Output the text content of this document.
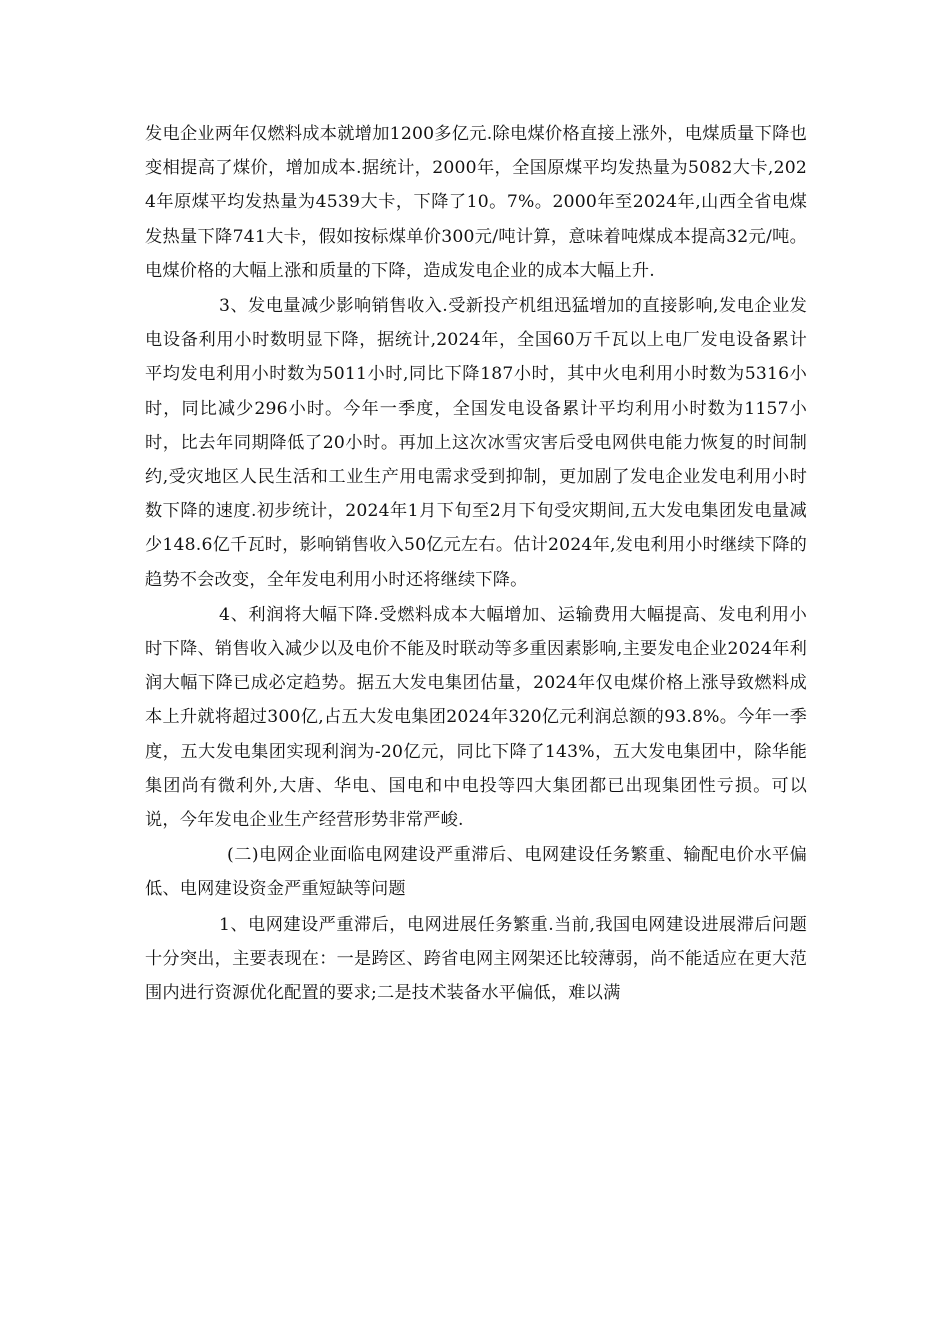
发电企业两年仅燃料成本就增加1200多亿元.除电煤价格直接上涨外，电煤质量下降也变相提高了煤价，增加成本.据统计，2000年，全国原煤平均发热量为5082大卡,2024年原煤平均发热量为4539大卡，下降了10。7%。2000年至2024年,山西全省电煤发热量下降741大卡，假如按标煤单价300元/吨计算，意味着吨煤成本提高32元/吨。电煤价格的大幅上涨和质量的下降，造成发电企业的成本大幅上升.

3、发电量减少影响销售收入.受新投产机组迅猛增加的直接影响,发电企业发电设备利用小时数明显下降，据统计,2024年，全国60万千瓦以上电厂发电设备累计平均发电利用小时数为5011小时,同比下降187小时，其中火电利用小时数为5316小时，同比减少296小时。今年一季度，全国发电设备累计平均利用小时数为1157小时，比去年同期降低了20小时。再加上这次冰雪灾害后受电网供电能力恢复的时间制约,受灾地区人民生活和工业生产用电需求受到抑制，更加剧了发电企业发电利用小时数下降的速度.初步统计，2024年1月下旬至2月下旬受灾期间,五大发电集团发电量减少148.6亿千瓦时，影响销售收入50亿元左右。估计2024年,发电利用小时继续下降的趋势不会改变，全年发电利用小时还将继续下降。

4、利润将大幅下降.受燃料成本大幅增加、运输费用大幅提高、发电利用小时下降、销售收入减少以及电价不能及时联动等多重因素影响,主要发电企业2024年利润大幅下降已成必定趋势。据五大发电集团估量，2024年仅电煤价格上涨导致燃料成本上升就将超过300亿,占五大发电集团2024年320亿元利润总额的93.8%。今年一季度，五大发电集团实现利润为-20亿元，同比下降了143%，五大发电集团中，除华能集团尚有微利外,大唐、华电、国电和中电投等四大集团都已出现集团性亏损。可以说，今年发电企业生产经营形势非常严峻.

(二)电网企业面临电网建设严重滞后、电网建设任务繁重、输配电价水平偏低、电网建设资金严重短缺等问题

1、电网建设严重滞后，电网进展任务繁重.当前,我国电网建设进展滞后问题十分突出，主要表现在：一是跨区、跨省电网主网架还比较薄弱，尚不能适应在更大范围内进行资源优化配置的要求;二是技术装备水平偏低，难以满
